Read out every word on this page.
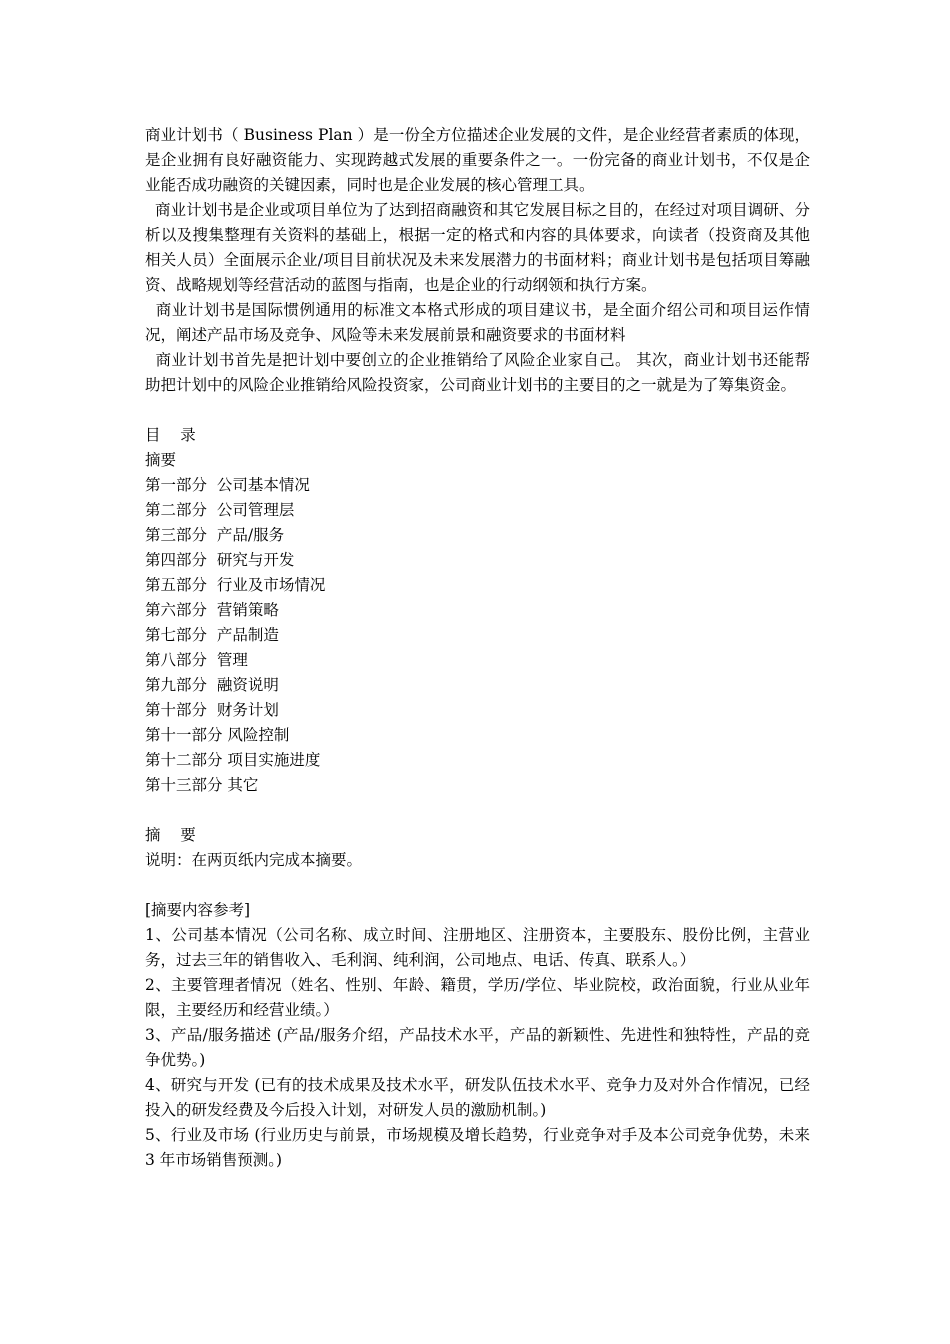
商业计划书（ Business Plan ）是一份全方位描述企业发展的文件，是企业经营者素质的体现，是企业拥有良好融资能力、实现跨越式发展的重要条件之一。一份完备的商业计划书，不仅是企业能否成功融资的关键因素，同时也是企业发展的核心管理工具。

商业计划书是企业或项目单位为了达到招商融资和其它发展目标之目的，在经过对项目调研、分析以及搜集整理有关资料的基础上，根据一定的格式和内容的具体要求，向读者（投资商及其他相关人员）全面展示企业/项目目前状况及未来发展潜力的书面材料；商业计划书是包括项目筹融资、战略规划等经营活动的蓝图与指南，也是企业的行动纲领和执行方案。

商业计划书是国际惯例通用的标准文本格式形成的项目建议书，是全面介绍公司和项目运作情况，阐述产品市场及竞争、风险等未来发展前景和融资要求的书面材料

商业计划书首先是把计划中要创立的企业推销给了风险企业家自己。 其次，商业计划书还能帮助把计划中的风险企业推销给风险投资家，公司商业计划书的主要目的之一就是为了筹集资金。

目    录
摘要
第一部分  公司基本情况
第二部分  公司管理层
第三部分  产品/服务
第四部分  研究与开发
第五部分  行业及市场情况
第六部分  营销策略
第七部分  产品制造
第八部分  管理
第九部分  融资说明
第十部分  财务计划
第十一部分 风险控制
第十二部分 项目实施进度
第十三部分 其它
摘    要
说明：在两页纸内完成本摘要。
[摘要内容参考]

1、公司基本情况（公司名称、成立时间、注册地区、注册资本，主要股东、股份比例，主营业务，过去三年的销售收入、毛利润、纯利润，公司地点、电话、传真、联系人。）

2、主要管理者情况（姓名、性别、年龄、籍贯，学历/学位、毕业院校，政治面貌，行业从业年限，主要经历和经营业绩。）

3、产品/服务描述 (产品/服务介绍，产品技术水平，产品的新颖性、先进性和独特性，产品的竞争优势。)

4、研究与开发 (已有的技术成果及技术水平，研发队伍技术水平、竞争力及对外合作情况，已经投入的研发经费及今后投入计划，对研发人员的激励机制。)

5、行业及市场 (行业历史与前景，市场规模及增长趋势，行业竞争对手及本公司竞争优势，未来 3 年市场销售预测。)
